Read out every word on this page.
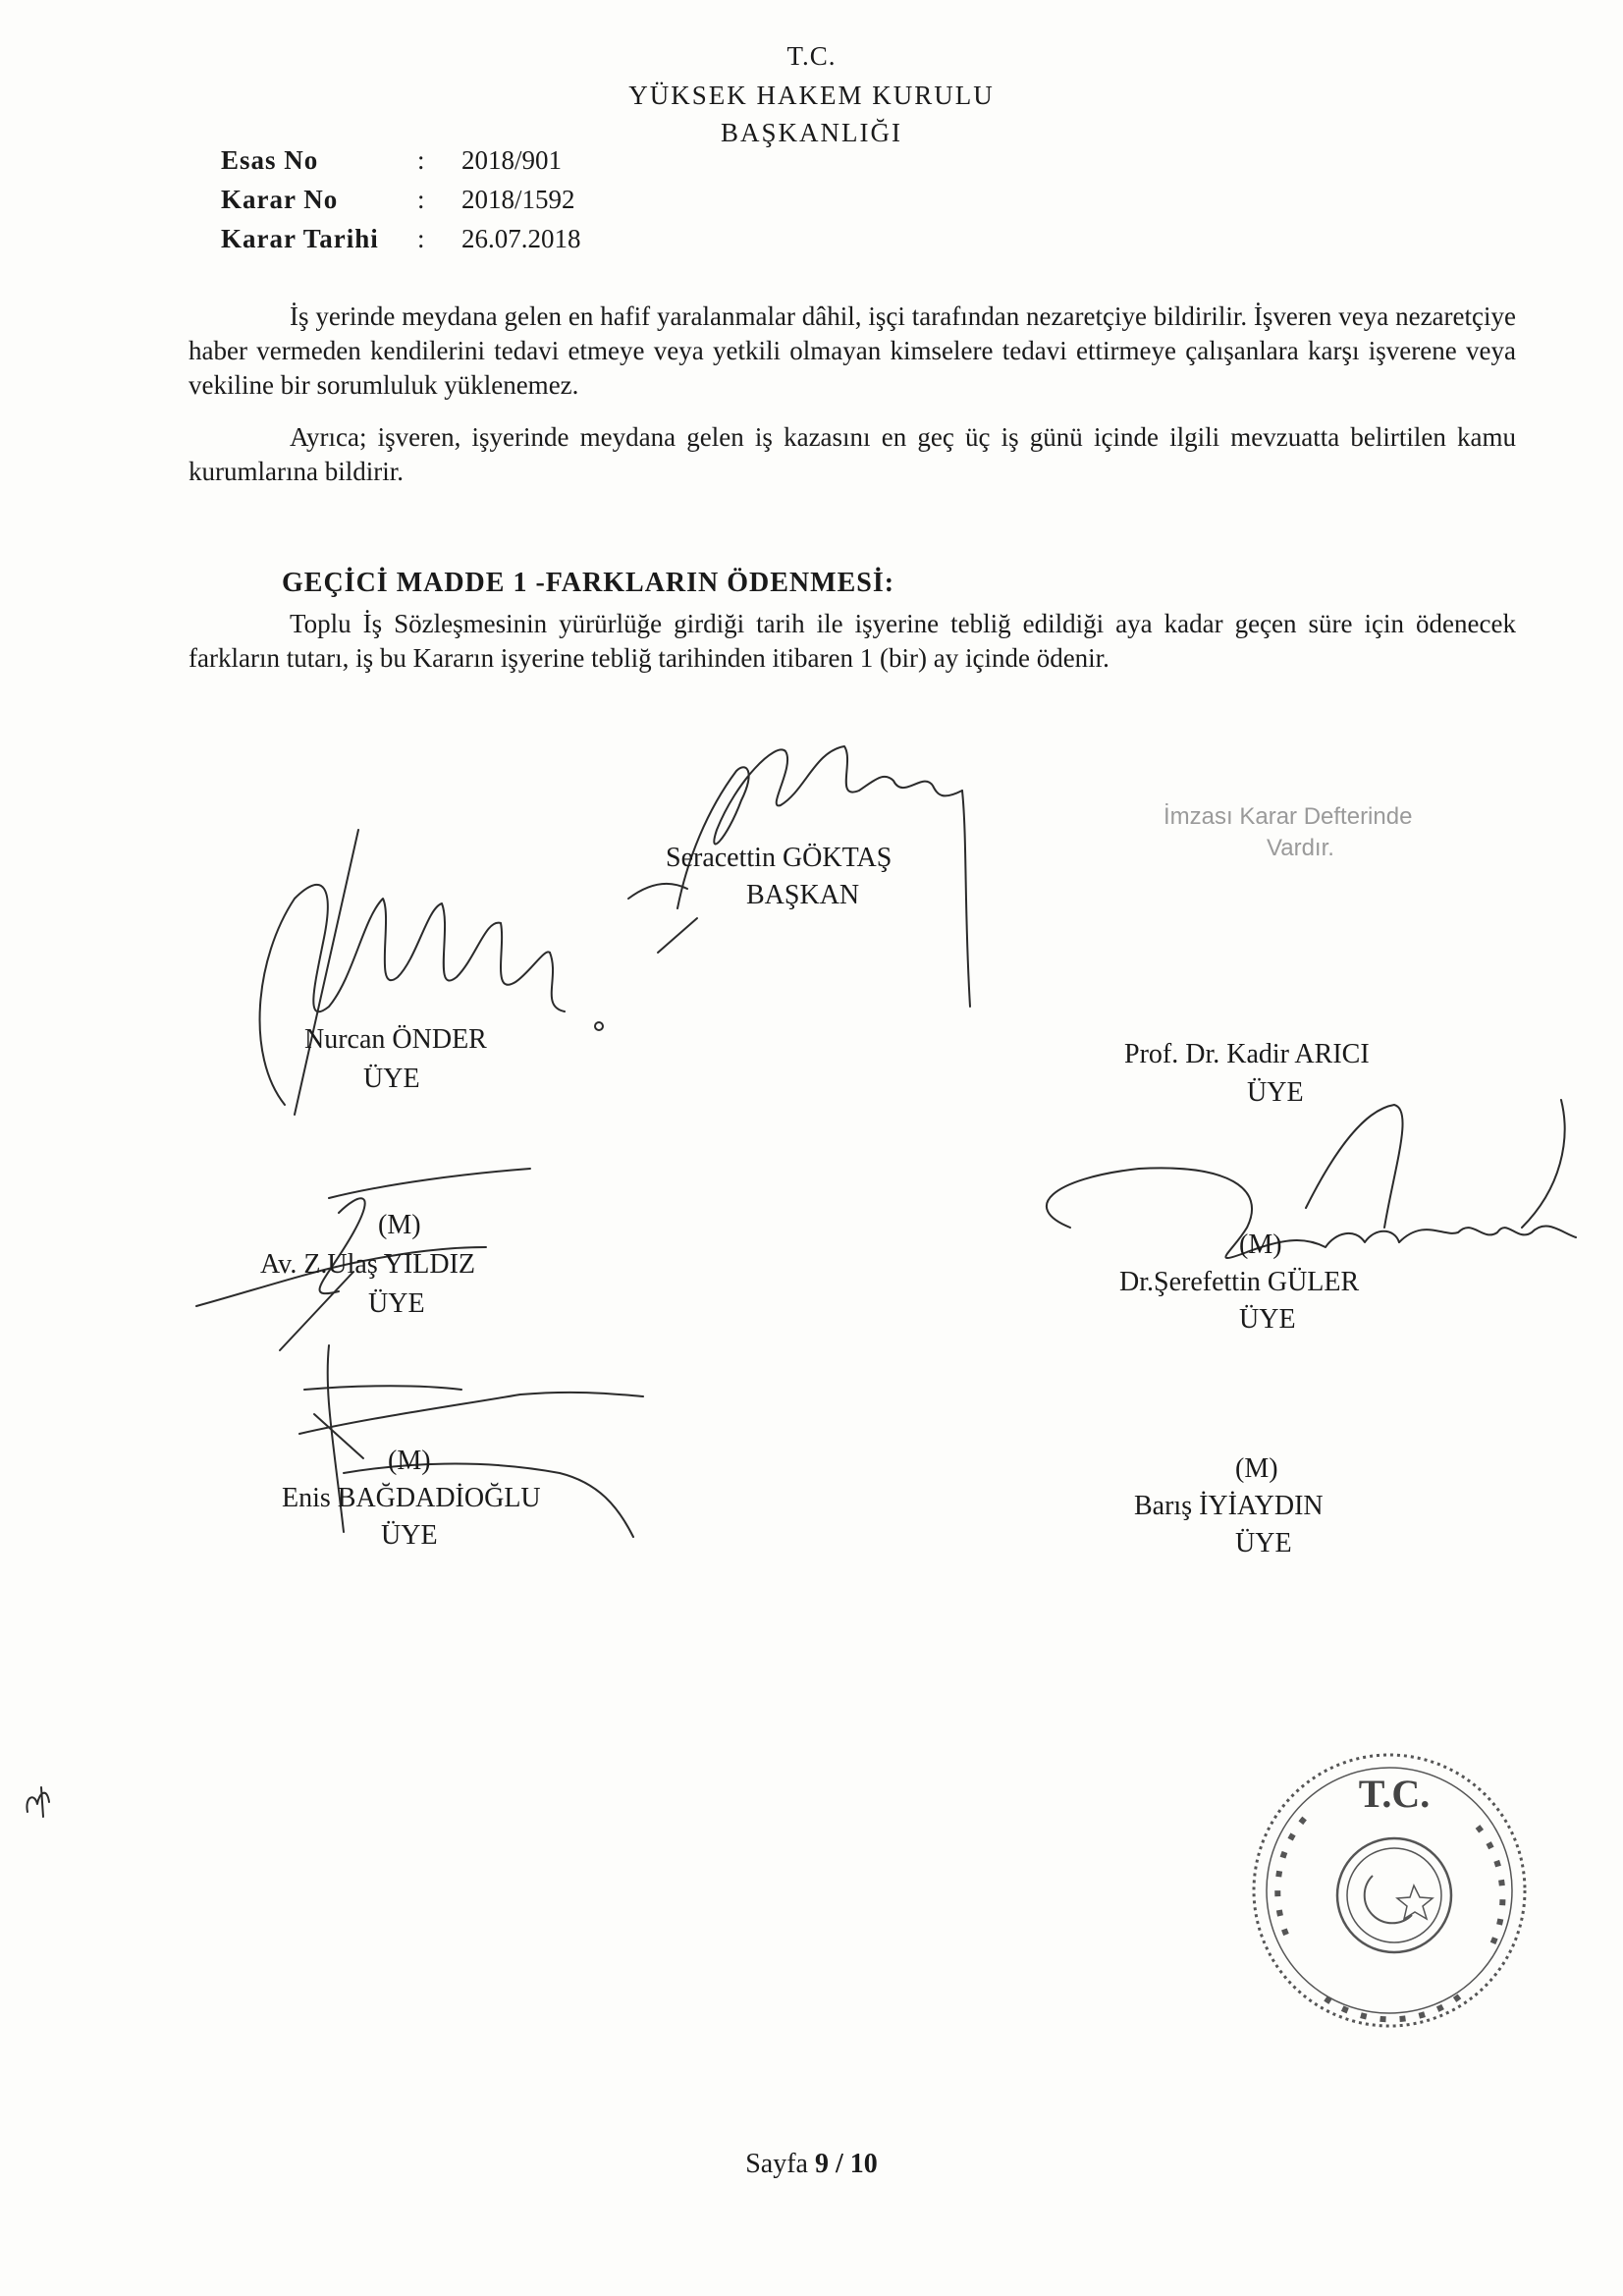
T.C.
YÜKSEK HAKEM KURULU
BAŞKANLIĞI
Esas No	:	2018/901
Karar No	:	2018/1592
Karar Tarihi	:	26.07.2018
İş yerinde meydana gelen en hafif yaralanmalar dâhil, işçi tarafından nezaretçiye bildirilir. İşveren veya nezaretçiye haber vermeden kendilerini tedavi etmeye veya yetkili olmayan kimselere tedavi ettirmeye çalışanlara karşı işverene veya vekiline bir sorumluluk yüklenemez.
Ayrıca; işveren, işyerinde meydana gelen iş kazasını en geç üç iş günü içinde ilgili mevzuatta belirtilen kamu kurumlarına bildirir.
GEÇİCİ MADDE 1 -FARKLARIN ÖDENMESİ:
Toplu İş Sözleşmesinin yürürlüğe girdiği tarih ile işyerine tebliğ edildiği aya kadar geçen süre için ödenecek farkların tutarı, iş bu Kararın işyerine tebliğ tarihinden itibaren 1 (bir) ay içinde ödenir.
Seracettin GÖKTAŞ
BAŞKAN
Nurcan ÖNDER
ÜYE
İmzası Karar Defterinde
Vardır.
Prof. Dr. Kadir ARICI
ÜYE
(M)
Av. Z.Ulaş YILDIZ
ÜYE
(M)
Dr.Şerefettin GÜLER
ÜYE
(M)
Enis BAĞDADİOĞLU
ÜYE
(M)
Barış İYİAYDIN
ÜYE
T.C.
Sayfa 9 / 10
